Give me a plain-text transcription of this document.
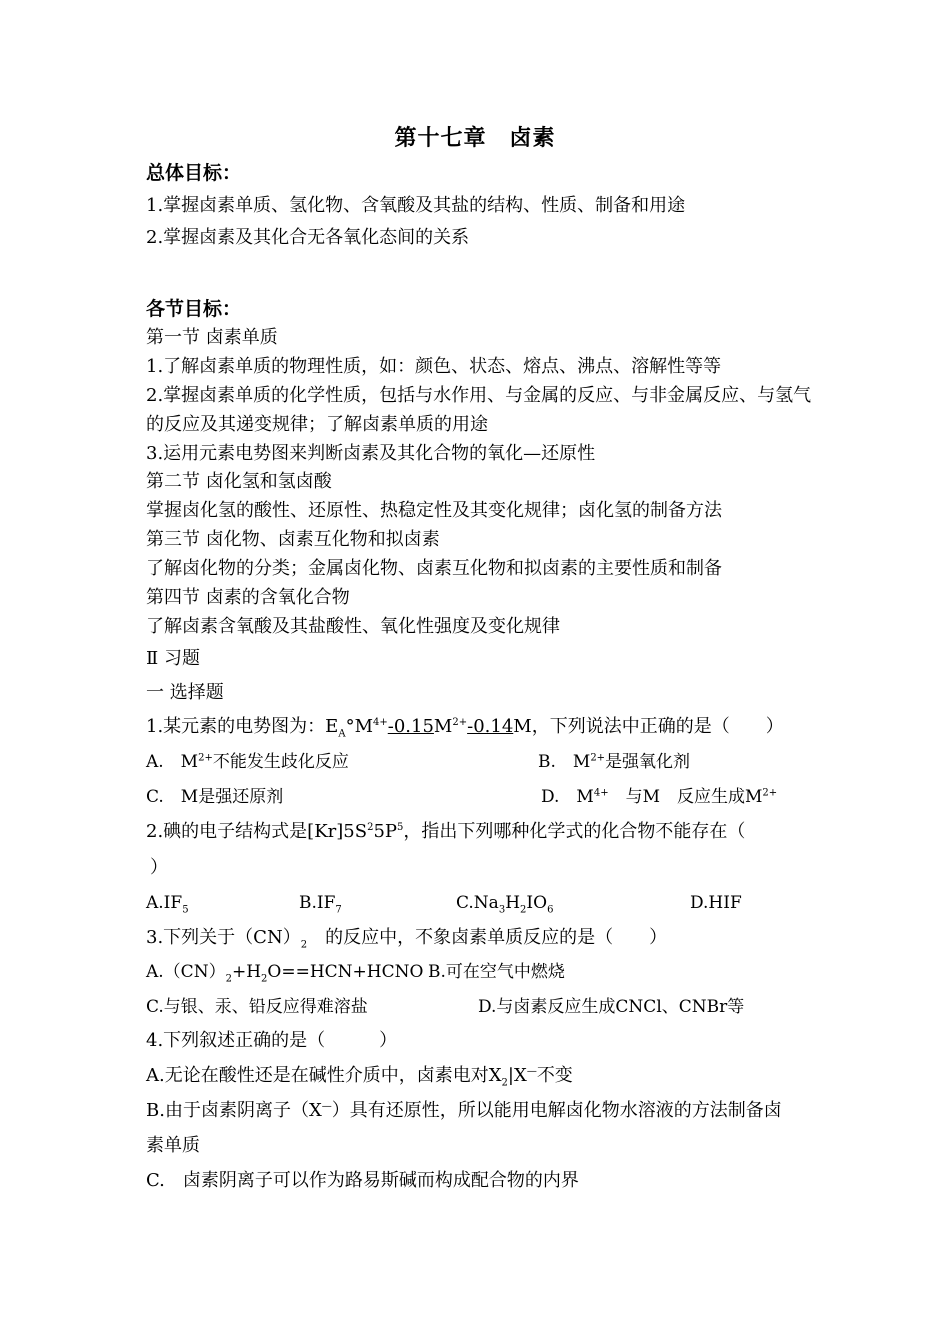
第十七章　卤素
总体目标：
1.掌握卤素单质、氢化物、含氧酸及其盐的结构、性质、制备和用途
2.掌握卤素及其化合无各氧化态间的关系
各节目标：
第一节 卤素单质
1.了解卤素单质的物理性质，如：颜色、状态、熔点、沸点、溶解性等等
2.掌握卤素单质的化学性质，包括与水作用、与金属的反应、与非金属反应、与氢气
的反应及其递变规律；了解卤素单质的用途
3.运用元素电势图来判断卤素及其化合物的氧化—还原性
第二节 卤化氢和氢卤酸
掌握卤化氢的酸性、还原性、热稳定性及其变化规律；卤化氢的制备方法
第三节 卤化物、卤素互化物和拟卤素
了解卤化物的分类；金属卤化物、卤素互化物和拟卤素的主要性质和制备
第四节 卤素的含氧化合物
了解卤素含氧酸及其盐酸性、氧化性强度及变化规律
Ⅱ 习题
一 选择题
1.某元素的电势图为：$E_A^\circ M^{4+}-0.15M^{2+}-0.14M$，下列说法中正确的是（　　）
A.　$M^{2+}$不能发生歧化反应	B.　$M^{2+}$是强氧化剂
C.　M是强还原剂	D.　$M^{4+}$　与M　反应生成$M^{2+}$
2.碘的电子结构式是$[Kr]5S^25P^5$，指出下列哪种化学式的化合物不能存在（
）
$A.IF_5$	$B.IF_7$	$C.Na_3H_2IO_6$	D.HIF
3.下列关于$(CN)_2$　 的反应中，不象卤素单质反应的是（　　）
$A.(CN)_2+H_2O==HCN+HCNO$ B.可在空气中燃烧
C.与银、汞、铅反应得难溶盐	D.与卤素反应生成CNCl、CNBr等
4.下列叙述正确的是（　　　）
A.无论在酸性还是在碱性介质中，卤素电对$X_2|X^—$不变
B.由于卤素阴离子（X—）具有还原性，所以能用电解卤化物水溶液的方法制备卤
素单质
C.　卤素阴离子可以作为路易斯碱而构成配合物的内界
